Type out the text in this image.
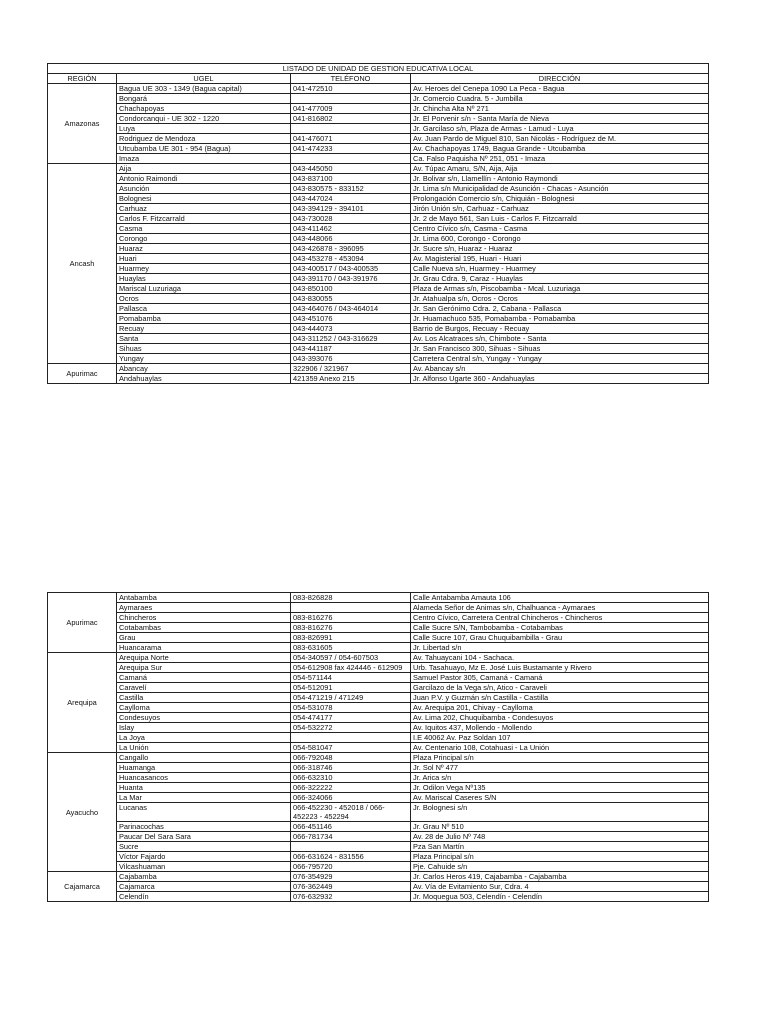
LISTADO DE UNIDAD DE GESTION EDUCATIVA LOCAL			
REGIÓN	UGEL	TELÉFONO	DIRECCIÓN
Amazonas	Bagua UE 303 - 1349 (Bagua capital)	041-472510	Av. Heroes del Cenepa 1090 La Peca - Bagua
	Bongará		Jr. Comercio Cuadra. 5 - Jumbilla
	Chachapoyas	041-477009	Jr. Chincha Alta Nº 271
	Condorcanqui - UE 302 - 1220	041-816802	Jr. El Porvenir s/n - Santa María de Nieva
	Luya		Jr. Garcilaso s/n, Plaza de Armas - Lamud - Luya
	Rodriguez de Mendoza	041-476071	Av. Juan Pardo de Miguel 810, San Nicolás - Rodríguez de M.
	Utcubamba UE 301 - 954 (Bagua)	041-474233	Av. Chachapoyas 1749, Bagua Grande - Utcubamba
	Imaza		Ca. Falso Paquisha Nº 251, 051 - Imaza
Ancash	Aija	043-445050	Av. Túpac Amaru, S/N, Aija, Aija
	Antonio Raimondi	043-837100	Jr. Bolivar s/n, Llamellín - Antonio Raymondi
	Asunción	043-830575 - 833152	Jr. Lima s/n Municipalidad de Asunción - Chacas - Asunción
	Bolognesi	043-447024	Prolongación Comercio s/n, Chiquián - Bolognesi
	Carhuaz	043-394129 - 394101	Jirón Unión s/n, Carhuaz - Carhuaz
	Carlos F. Fitzcarrald	043-730028	Jr. 2 de Mayo 561, San Luis - Carlos F. Fitzcarrald
	Casma	043-411462	Centro Cívico s/n, Casma - Casma
	Corongo	043-448066	Jr. Lima 600, Corongo - Corongo
	Huaraz	043-426878 - 396095	Jr. Sucre s/n, Huaraz - Huaraz
	Huari	043-453278 - 453094	Av. Magisterial 195, Huari - Huari
	Huarmey	043-400517 / 043-400535	Calle Nueva s/n, Huarmey - Huarmey
	Huaylas	043-391170 / 043-391976	Jr. Grau Cdra. 9, Caraz - Huaylas
	Mariscal Luzuriaga	043-850100	Plaza de Armas s/n, Piscobamba - Mcal. Luzuriaga
	Ocros	043-830055	Jr. Atahualpa s/n, Ocros - Ocros
	Pallasca	043-464076 / 043-464014	Jr. San Gerónimo Cdra. 2, Cabana - Pallasca
	Pomabamba	043-451076	Jr. Huamachuco 535, Pomabamba - Pomabamba
	Recuay	043-444073	Barrio de Burgos, Recuay - Recuay
	Santa	043-311252 / 043-316629	Av. Los Alcatraces s/n, Chimbote - Santa
	Sihuas	043-441187	Jr. San Francisco 300, Sihuas - Sihuas
	Yungay	043-393076	Carretera Central s/n, Yungay - Yungay
Apurimac	Abancay	322906 / 321967	Av. Abancay s/n
	Andahuaylas	421359 Anexo 215	Jr. Alfonso Ugarte 360 - Andahuaylas
Apurimac	Antabamba	083-826828	Calle Antabamba Amauta 106
	Aymaraes		Alameda Señor de Animas s/n, Chalhuanca - Aymaraes
	Chincheros	083-816276	Centro Cívico, Carretera Central Chincheros - Chincheros
	Cotabambas	083-816276	Calle Sucre S/N, Tambobamba - Cotabambas
	Grau	083-826991	Calle Sucre 107, Grau Chuquibambilla - Grau
	Huancarama	083-631605	Jr. Libertad s/n
Arequipa	Arequipa Norte	054-340597 / 054-607503	Av. Tahuaycani 104 - Sachaca.
	Arequipa Sur	054-612908 fax 424446 - 612909	Urb. Tasahuayo, Mz E. José Luis Bustamante y Rivero
	Camaná	054-571144	Samuel Pastor 305, Camaná - Camaná
	Caravelí	054-512091	Garcilazo de la Vega s/n, Atico - Caraveli
	Castilla	054-471219 / 471249	Juan P.V. y Guzmán s/n Castilla - Castilla
	Caylloma	054-531078	Av. Arequipa 201, Chivay - Caylloma
	Condesuyos	054-474177	Av. Lima 202, Chuquibamba - Condesuyos
	Islay	054-532272	Av. Iquitos 437, Mollendo - Mollendo
	La Joya		I.E 40062 Av. Paz Soldan 107
	La Unión	054-581047	Av. Centenario 108, Cotahuasi - La Unión
Ayacucho	Cangallo	066-792048	Plaza Principal s/n
	Huamanga	066-318746	Jr. Sol Nº 477
	Huancasancos	066-632310	Jr. Arica s/n
	Huanta	066-322222	Jr. Odilon Vega Nº135
	La Mar	066-324066	Av. Mariscal Caseres S/N
	Lucanas	066-452230 - 452018 / 066-452223 - 452294	Jr. Bolognesi s/n
	Parinacochas	066-451146	Jr. Grau Nº 510
	Paucar Del Sara Sara	066-781734	Av. 28 de Julio Nº 748
	Sucre		Pza San Martín
	Víctor Fajardo	066-631624 - 831556	Plaza Principal s/n
	Vilcashuaman	066-795720	Pje. Cahuide s/n
Cajamarca	Cajabamba	076-354929	Jr. Carlos Heros 419, Cajabamba - Cajabamba
	Cajamarca	076-362449	Av. Vía de Evitamiento Sur, Cdra. 4
	Celendín	076-632932	Jr. Moquegua 503, Celendín - Celendín
